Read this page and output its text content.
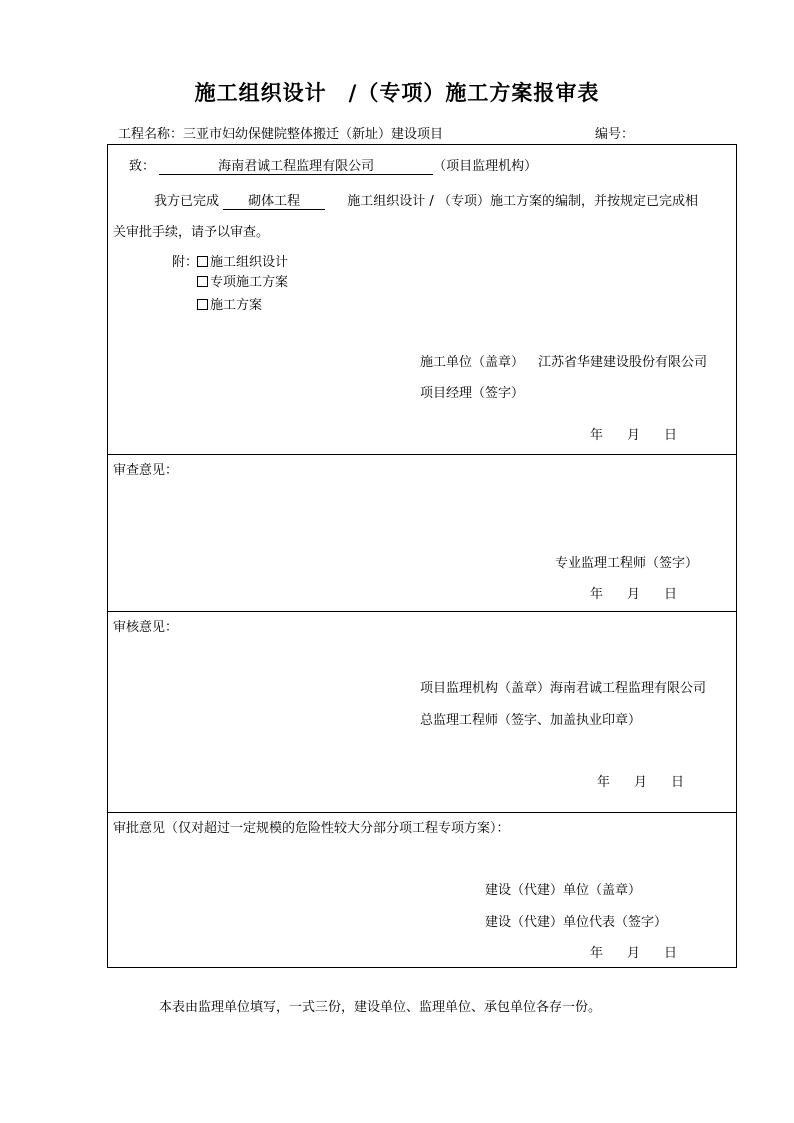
施工组织设计　/（专项）施工方案报审表
工程名称：三亚市妇幼保健院整体搬迁（新址）建设项目	编号：
致：	海南君诚工程监理有限公司	（项目监理机构）
我方已完成 砌体工程	施工组织设计 / （专项）施工方案的编制，并按规定已完成相
关审批手续，请予以审查。
附： 施工组织设计
专项施工方案
施工方案
施工单位（盖章） 江苏省华建建设股份有限公司
项目经理（签字）
年 月 日
审查意见：
专业监理工程师（签字）
年 月 日
审核意见：
项目监理机构（盖章）海南君诚工程监理有限公司
总监理工程师（签字、加盖执业印章）
年 月 日
审批意见（仅对超过一定规模的危险性较大分部分项工程专项方案）：
建设（代建）单位（盖章）
建设（代建）单位代表（签字）
年 月 日
本表由监理单位填写，一式三份，建设单位、监理单位、承包单位各存一份。
